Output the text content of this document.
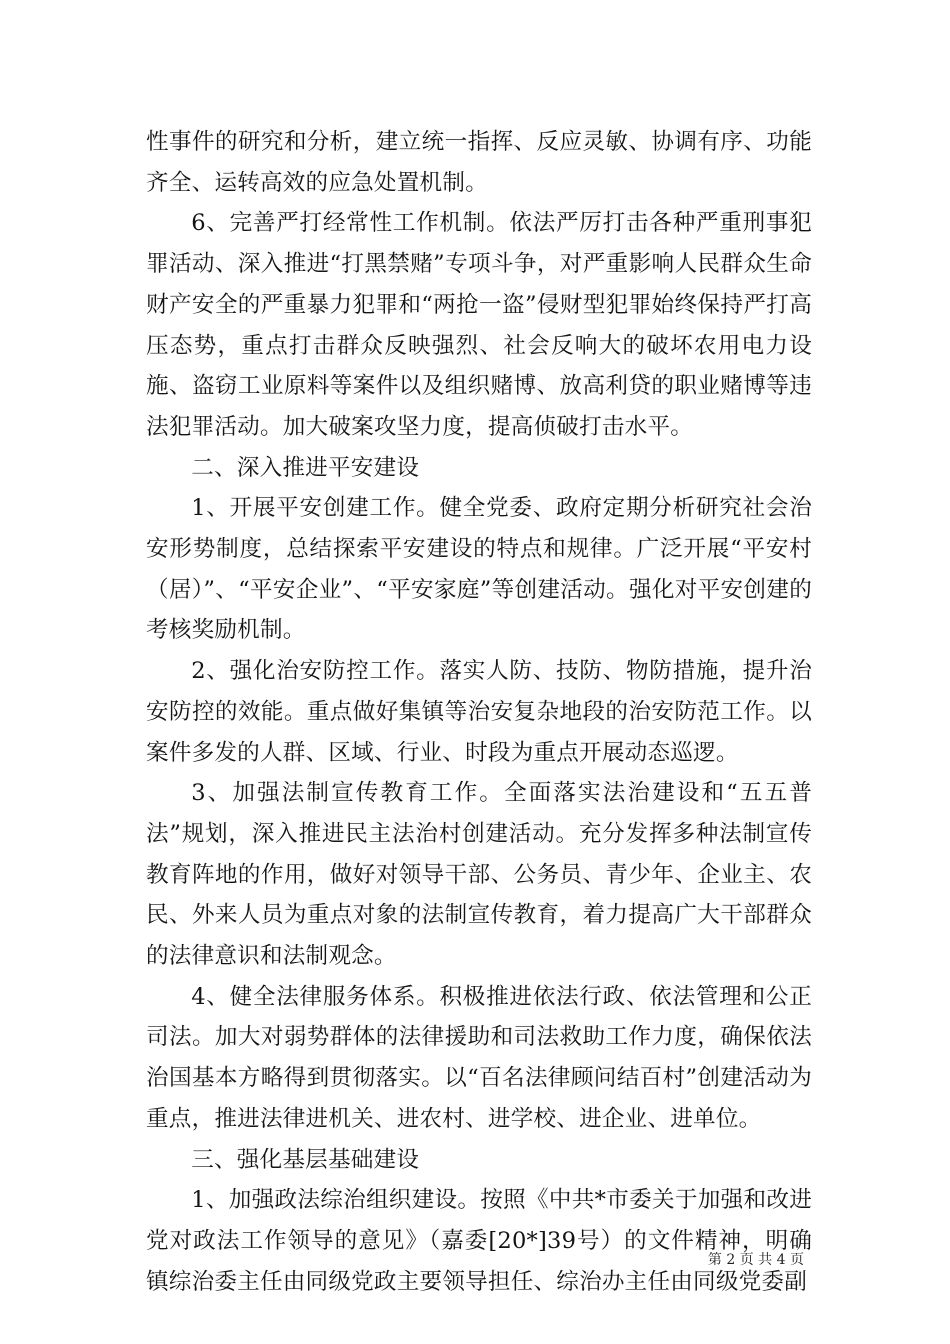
性事件的研究和分析，建立统一指挥、反应灵敏、协调有序、功能齐全、运转高效的应急处置机制。

6、完善严打经常性工作机制。依法严厉打击各种严重刑事犯罪活动、深入推进“打黑禁赌”专项斗争，对严重影响人民群众生命财产安全的严重暴力犯罪和“两抢一盗”侵财型犯罪始终保持严打高压态势，重点打击群众反映强烈、社会反响大的破坏农用电力设施、盗窃工业原料等案件以及组织赌博、放高利贷的职业赌博等违法犯罪活动。加大破案攻坚力度，提高侦破打击水平。

二、深入推进平安建设

1、开展平安创建工作。健全党委、政府定期分析研究社会治安形势制度，总结探索平安建设的特点和规律。广泛开展“平安村（居）”、“平安企业”、“平安家庭”等创建活动。强化对平安创建的考核奖励机制。

2、强化治安防控工作。落实人防、技防、物防措施，提升治安防控的效能。重点做好集镇等治安复杂地段的治安防范工作。以案件多发的人群、区域、行业、时段为重点开展动态巡逻。

3、加强法制宣传教育工作。全面落实法治建设和“五五普法”规划，深入推进民主法治村创建活动。充分发挥多种法制宣传教育阵地的作用，做好对领导干部、公务员、青少年、企业主、农民、外来人员为重点对象的法制宣传教育，着力提高广大干部群众的法律意识和法制观念。

4、健全法律服务体系。积极推进依法行政、依法管理和公正司法。加大对弱势群体的法律援助和司法救助工作力度，确保依法治国基本方略得到贯彻落实。以“百名法律顾问结百村”创建活动为重点，推进法律进机关、进农村、进学校、进企业、进单位。

三、强化基层基础建设

1、加强政法综治组织建设。按照《中共*市委关于加强和改进党对政法工作领导的意见》（嘉委[20*]39号）的文件精神，明确镇综治委主任由同级党政主要领导担任、综治办主任由同级党委副

第 2 页 共 4 页
